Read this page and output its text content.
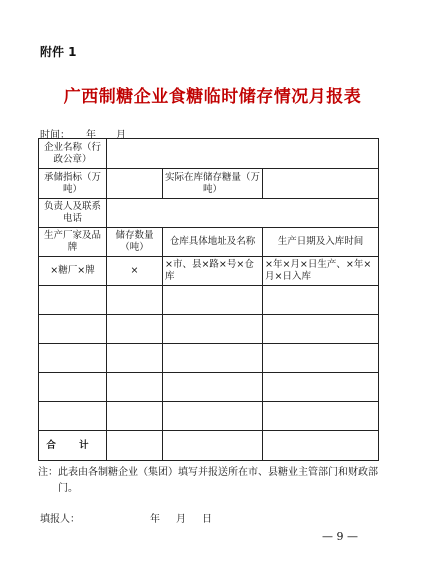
附件 1
广西制糖企业食糖临时储存情况月报表
时间： 年 月
企业名称（行政公章）			
承储指标（万吨）		实际在库储存糖量（万吨）	
负责人及联系电话			
生产厂家及品牌	储存数量（吨）	仓库具体地址及名称	生产日期及入库时间
×糖厂×牌	×	×市、县×路×号×仓库	×年×月×日生产、×年×月×日入库

合 计			
注：此表由各制糖企业（集团）填写并报送所在市、县糖业主管部门和财政部门。
填报人：	年 月 日
— 9 —
